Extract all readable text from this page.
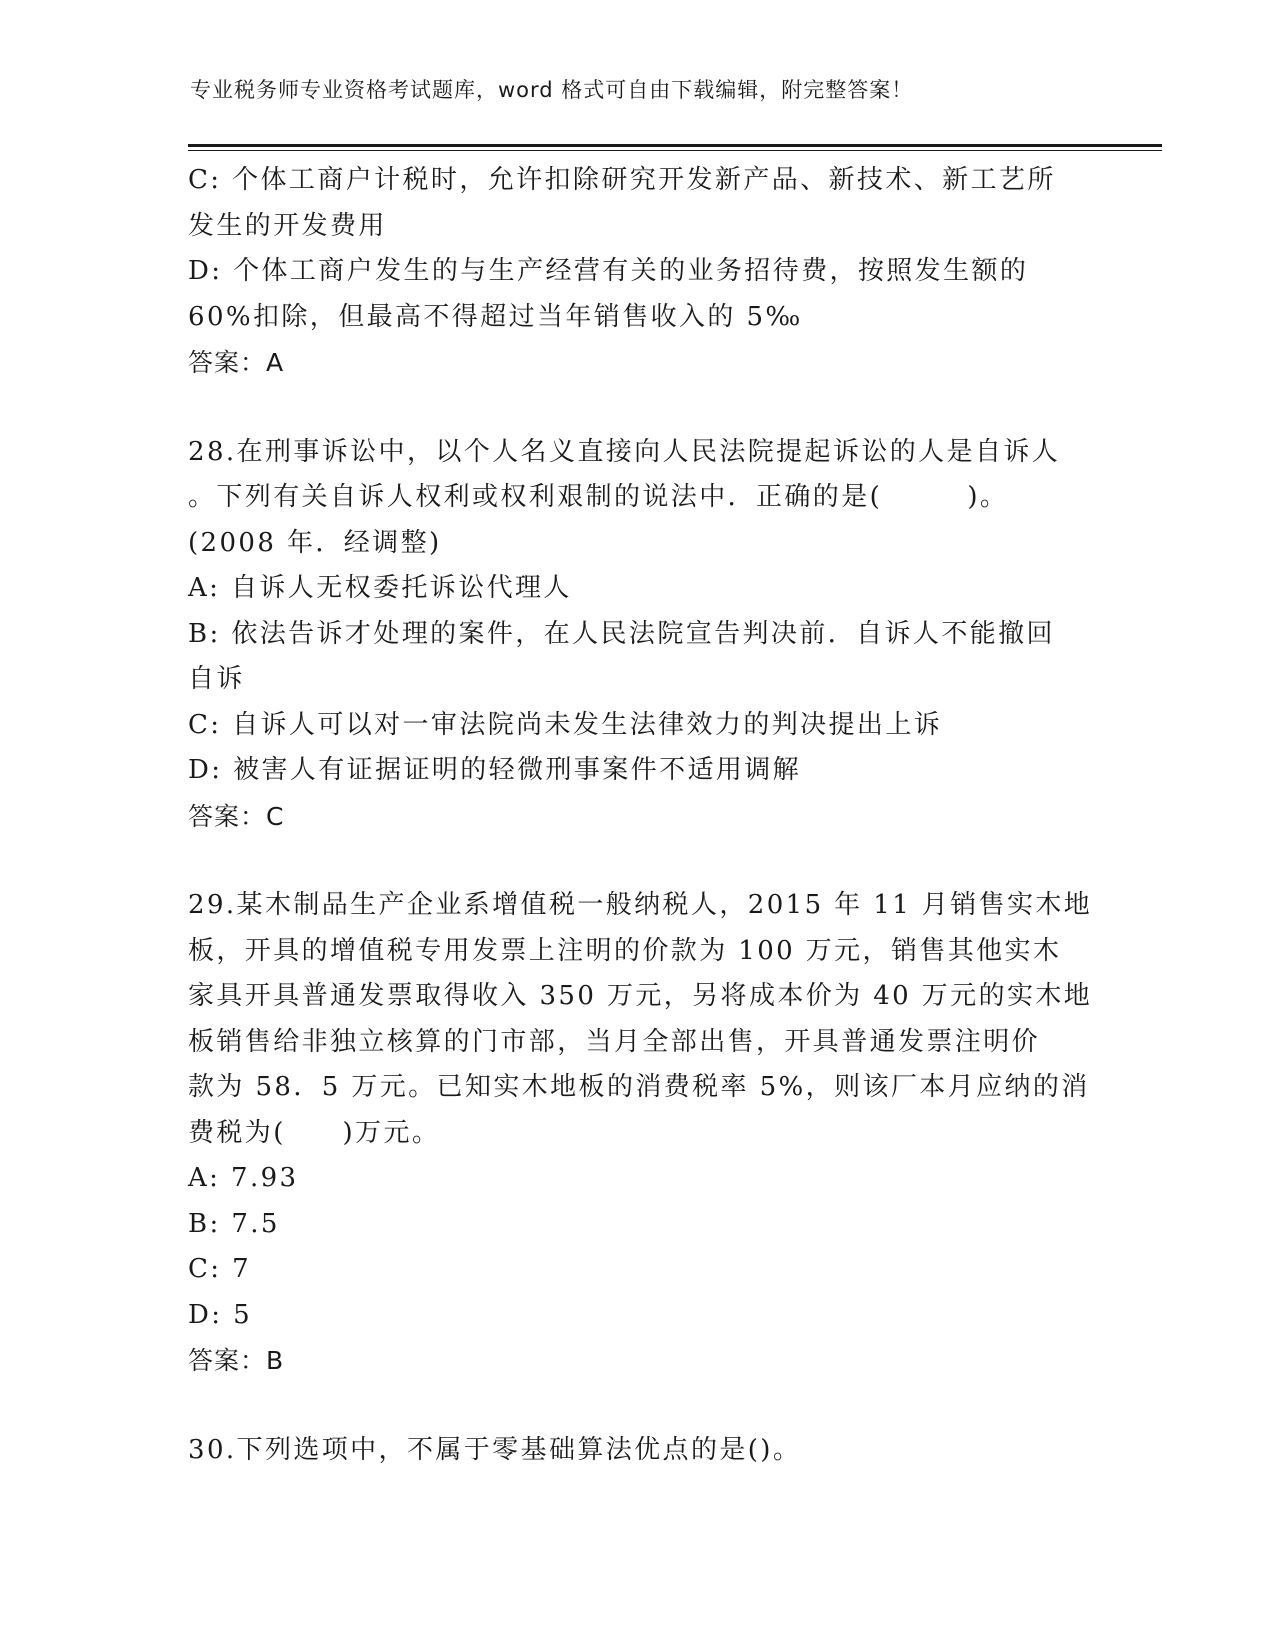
专业税务师专业资格考试题库，word 格式可自由下载编辑，附完整答案！
C: 个体工商户计税时，允许扣除研究开发新产品、新技术、新工艺所
发生的开发费用
D: 个体工商户发生的与生产经营有关的业务招待费，按照发生额的
60%扣除，但最高不得超过当年销售收入的 5‰
答案：A
28.在刑事诉讼中，以个人名义直接向人民法院提起诉讼的人是自诉人
。下列有关自诉人权利或权利艰制的说法中．正确的是(　　　)。
(2008 年．经调整)
A: 自诉人无权委托诉讼代理人
B: 依法告诉才处理的案件，在人民法院宣告判决前．自诉人不能撤回
自诉
C: 自诉人可以对一审法院尚未发生法律效力的判决提出上诉
D: 被害人有证据证明的轻微刑事案件不适用调解
答案：C
29.某木制品生产企业系增值税一般纳税人，2015 年 11 月销售实木地
板，开具的增值税专用发票上注明的价款为 100 万元，销售其他实木
家具开具普通发票取得收入 350 万元，另将成本价为 40 万元的实木地
板销售给非独立核算的门市部，当月全部出售，开具普通发票注明价
款为 58．5 万元。已知实木地板的消费税率 5%，则该厂本月应纳的消
费税为(　　)万元。
A: 7.93
B: 7.5
C: 7
D: 5
答案：B
30.下列选项中，不属于零基础算法优点的是()。
